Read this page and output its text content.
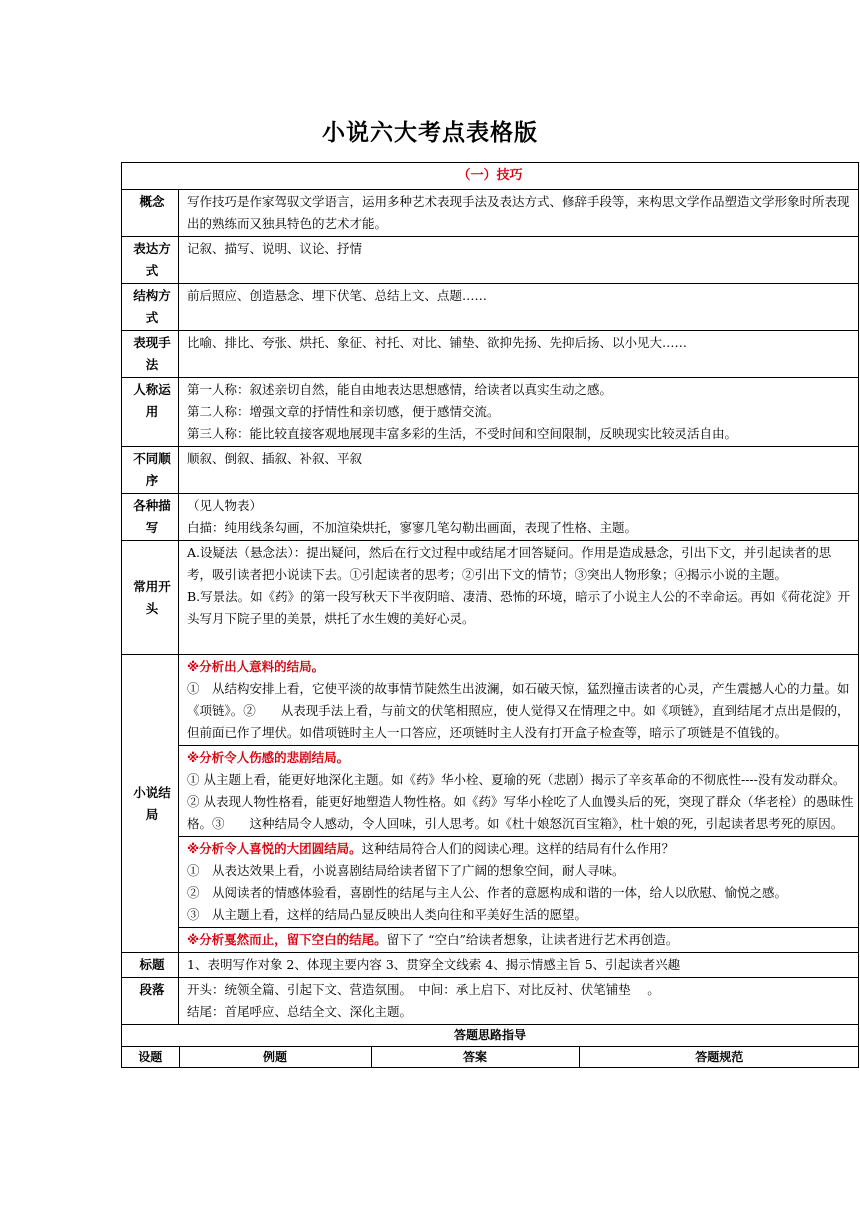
小说六大考点表格版
（一）技巧
概念	写作技巧是作家驾驭文学语言，运用多种艺术表现手法及表达方式、修辞手段等，来构思文学作品塑造文学形象时所表现出的熟练而又独具特色的艺术才能。

表达方式	
记叙、描写、说明、议论、抒情

结构方式	
前后照应、创造悬念、埋下伏笔、总结上文、点题……

表现手法	
比喻、排比、夸张、烘托、象征、衬托、对比、铺垫、欲抑先扬、先抑后扬、以小见大……

人称运用	
第一人称：叙述亲切自然，能自由地表达思想感情，给读者以真实生动之感。
第二人称：增强文章的抒情性和亲切感，便于感情交流。
第三人称：能比较直接客观地展现丰富多彩的生活，不受时间和空间限制，反映现实比较灵活自由。

不同顺序	
顺叙、倒叙、插叙、补叙、平叙

各种描写	
（见人物表）
白描：纯用线条勾画，不加渲染烘托，寥寥几笔勾勒出画面，表现了性格、主题。

常用开头	
A.设疑法（悬念法）：提出疑问，然后在行文过程中或结尾才回答疑问。作用是造成悬念，引出下文，并引起读者的思考，吸引读者把小说读下去。①引起读者的思考；②引出下文的情节；③突出人物形象；④揭示小说的主题。
B.写景法。如《药》的第一段写秋天下半夜阴暗、凄清、恐怖的环境，暗示了小说主人公的不幸命运。再如《荷花淀》开头写月下院子里的美景，烘托了水生嫂的美好心灵。

小说结局	
※分析出人意料的结局。
①　从结构安排上看，它使平淡的故事情节陡然生出波澜，如石破天惊，猛烈撞击读者的心灵，产生震撼人心的力量。如《项链》。②　　从表现手法上看，与前文的伏笔相照应，使人觉得又在情理之中。如《项链》，直到结尾才点出是假的，但前面已作了埋伏。如借项链时主人一口答应，还项链时主人没有打开盒子检查等，暗示了项链是不值钱的。
※分析令人伤感的悲剧结局。
① 从主题上看，能更好地深化主题。如《药》华小栓、夏瑜的死（悲剧）揭示了辛亥革命的不彻底性----没有发动群众。
② 从表现人物性格看，能更好地塑造人物性格。如《药》写华小栓吃了人血馒头后的死，突现了群众（华老栓）的愚昧性格。③　　这种结局令人感动，令人回味，引人思考。如《杜十娘怒沉百宝箱》，杜十娘的死，引起读者思考死的原因。
※分析令人喜悦的大团圆结局。这种结局符合人们的阅读心理。这样的结局有什么作用？
①　从表达效果上看，小说喜剧结局给读者留下了广阔的想象空间，耐人寻味。
②　从阅读者的情感体验看，喜剧性的结尾与主人公、作者的意愿构成和谐的一体，给人以欣慰、愉悦之感。
③　从主题上看，这样的结局凸显反映出人类向往和平美好生活的愿望。
※分析戛然而止，留下空白的结尾。留下了 “空白”给读者想象，让读者进行艺术再创造。

标题	1、表明写作对象 2、体现主要内容 3、贯穿全文线索 4、揭示情感主旨 5、引起读者兴趣

段落	开头：统领全篇、引起下文、营造氛围。　中间：承上启下、对比反衬、伏笔铺垫 　。
结尾：首尾呼应、总结全文、深化主题。

答题思路指导

设题	例题	答案	答题规范
